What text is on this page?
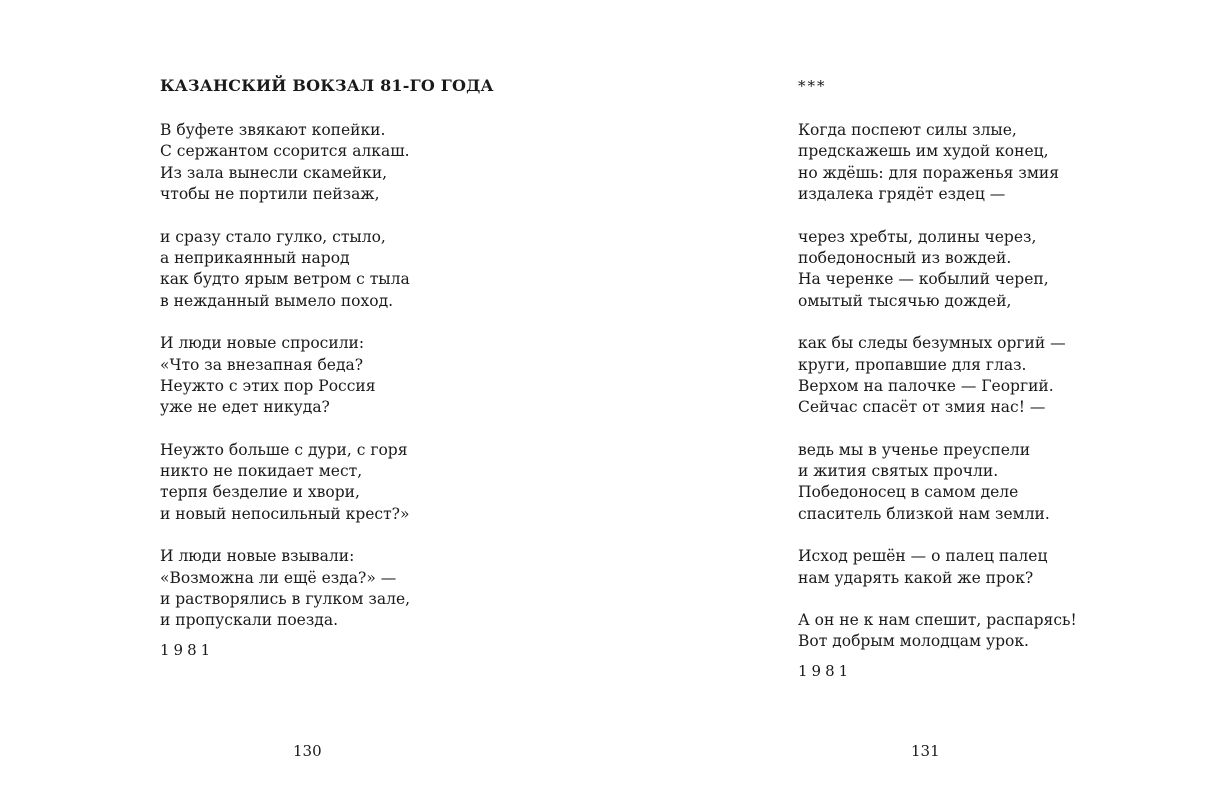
КАЗАНСКИЙ ВОКЗАЛ 81-ГО ГОДА
В буфете звякают копейки.
С сержантом ссорится алкаш.
Из зала вынесли скамейки,
чтобы не портили пейзаж,
и сразу стало гулко, стыло,
а неприкаянный народ
как будто ярым ветром с тыла
в нежданный вымело поход.
И люди новые спросили:
«Что за внезапная беда?
Неужто с этих пор Россия
уже не едет никуда?
Неужто больше с дури, с горя
никто не покидает мест,
терпя безделие и хвори,
и новый непосильный крест?»
И люди новые взывали:
«Возможна ли ещё езда?» —
и растворялись в гулком зале,
и пропускали поезда.
1981
130
***
Когда поспеют силы злые,
предскажешь им худой конец,
но ждёшь: для пораженья змия
издалека грядёт ездец —
через хребты, долины через,
победоносный из вождей.
На черенке — кобылий череп,
омытый тысячью дождей,
как бы следы безумных оргий —
круги, пропавшие для глаз.
Верхом на палочке — Георгий.
Сейчас спасёт от змия нас! —
ведь мы в ученье преуспели
и жития святых прочли.
Победоносец в самом деле
спаситель близкой нам земли.
Исход решён — о палец палец
нам ударять какой же прок?
А он не к нам спешит, распарясь!
Вот добрым молодцам урок.
1981
131
